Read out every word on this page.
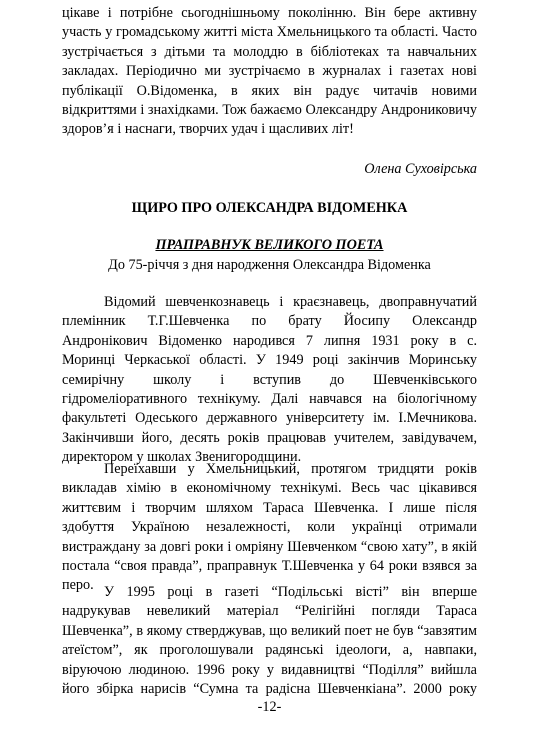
цікаве і потрібне сьогоднішньому поколінню. Він бере активну
участь у громадському житті міста Хмельницького та області. Часто
зустрічається з дітьми та молоддю в бібліотеках та навчальних
закладах. Періодично ми зустрічаємо в журналах і газетах нові
публікації О.Відоменка, в яких він радує читачів новими
відкриттями і знахідками. Тож бажаємо Олександру Андрониковичу
здоров’я і наснаги, творчих удач і щасливих літ!
Олена Суховірська
ЩИРО ПРО ОЛЕКСАНДРА ВІДОМЕНКА
ПРАПРАВНУК ВЕЛИКОГО ПОЕТА
До 75-річчя з дня народження Олександра Відоменка
Відомий шевченкознавець і краєзнавець, двоправнучатий
племінник Т.Г.Шевченка по брату Йосипу Олександр
Андронікович Відоменко народився 7 липня 1931 року в с.
Моринці Черкаської області. У 1949 році закінчив Моринську
семирічну школу і вступив до Шевченківського
гідромеліоративного технікуму. Далі навчався на біологічному
факультеті Одеського державного університету ім. І.Мечникова.
Закінчивши його, десять років працював учителем, завідувачем,
директором у школах Звенигородщини.
Переїхавши у Хмельницький, протягом тридцяти років
викладав хімію в економічному технікумі. Весь час цікавився
життєвим і творчим шляхом Тараса Шевченка. І лише після
здобуття Україною незалежності, коли українці отримали
вистраждану за довгі роки і омріяну Шевченком “свою хату”, в якій
постала “своя правда”, праправнук Т.Шевченка у 64 роки взявся за
перо. У 1995 році в газеті “Подільські вісті” він вперше
надрукував невеликий матеріал “Релігійні погляди Тараса
Шевченка”, в якому стверджував, що великий поет не був “завзятим
атеїстом”, як проголошували радянські ідеологи, а, навпаки,
віруючою людиною. 1996 року у видавництві “Поділля” вийшла
його збірка нарисів “Сумна та радісна Шевченкіана”. 2000 року
-12-
